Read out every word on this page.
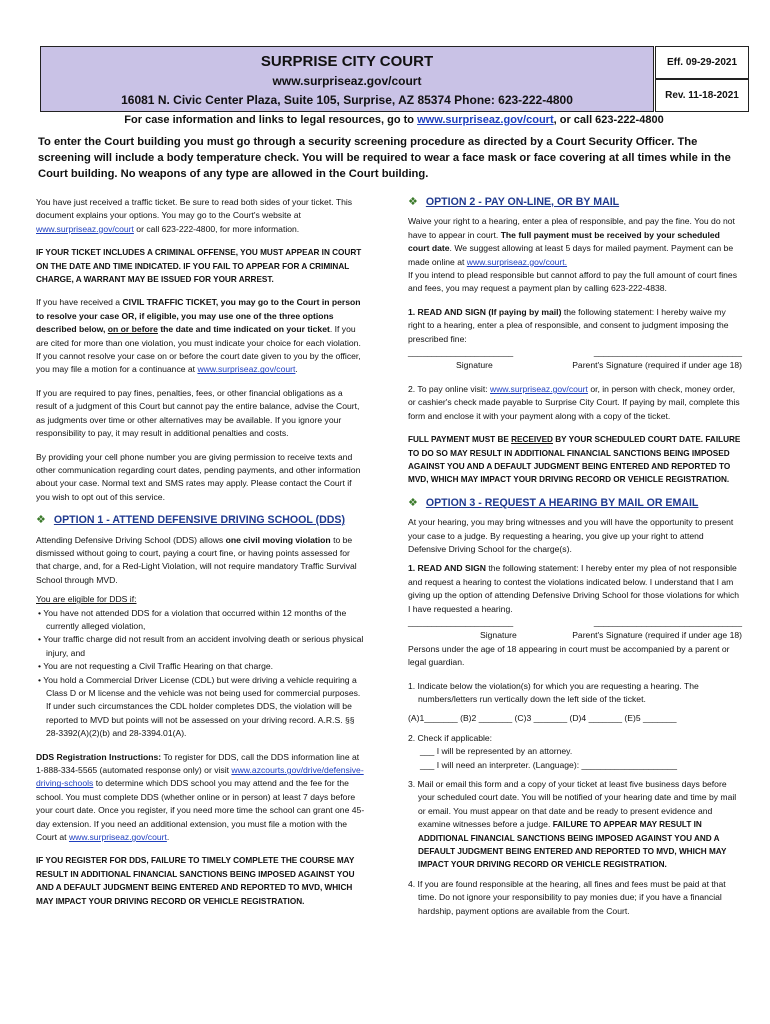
SURPRISE CITY COURT
www.surpriseaz.gov/court
16081 N. Civic Center Plaza, Suite 105, Surprise, AZ 85374 Phone: 623-222-4800
Eff. 09-29-2021
Rev. 11-18-2021
For case information and links to legal resources, go to www.surpriseaz.gov/court, or call 623-222-4800
To enter the Court building you must go through a security screening procedure as directed by a Court Security Officer. The screening will include a body temperature check. You will be required to wear a face mask or face covering at all times while in the Court building. No weapons of any type are allowed in the Court building.

You have just received a traffic ticket. Be sure to read both sides of your ticket. This document explains your options. You may go to the Court's website at www.surpriseaz.gov/court or call 623-222-4800, for more information.

IF YOUR TICKET INCLUDES A CRIMINAL OFFENSE, YOU MUST APPEAR IN COURT ON THE DATE AND TIME INDICATED. IF YOU FAIL TO APPEAR FOR A CRIMINAL CHARGE, A WARRANT MAY BE ISSUED FOR YOUR ARREST.

If you have received a CIVIL TRAFFIC TICKET, you may go to the Court in person to resolve your case OR, if eligible, you may use one of the three options described below, on or before the date and time indicated on your ticket. If you are cited for more than one violation, you must indicate your choice for each violation. If you cannot resolve your case on or before the court date given to you by the officer, you may file a motion for a continuance at www.surpriseaz.gov/court.

If you are required to pay fines, penalties, fees, or other financial obligations as a result of a judgment of this Court but cannot pay the entire balance, advise the Court, as judgments over time or other alternatives may be available. If you ignore your responsibility to pay, it may result in additional penalties and costs.

By providing your cell phone number you are giving permission to receive texts and other communication regarding court dates, pending payments, and other information about your case. Normal text and SMS rates may apply. Please contact the Court if you wish to opt out of this service.

❖ OPTION 1 - ATTEND DEFENSIVE DRIVING SCHOOL (DDS)

Attending Defensive Driving School (DDS) allows one civil moving violation to be dismissed without going to court, paying a court fine, or having points assessed for that charge, and, for a Red-Light Violation, will not require mandatory Traffic Survival School through MVD.

You are eligible for DDS if:

• You have not attended DDS for a violation that occurred within 12 months of the currently alleged violation,

• Your traffic charge did not result from an accident involving death or serious physical injury, and

• You are not requesting a Civil Traffic Hearing on that charge.

• You hold a Commercial Driver License (CDL) but were driving a vehicle requiring a Class D or M license and the vehicle was not being used for commercial purposes. If under such circumstances the CDL holder completes DDS, the violation will be reported to MVD but points will not be assessed on your driving record. A.R.S. §§ 28-3392(A)(2)(b) and 28-3394.01(A).

DDS Registration Instructions: To register for DDS, call the DDS information line at 1-888-334-5565 (automated response only) or visit www.azcourts.gov/drive/defensive-driving-schools to determine which DDS school you may attend and the fee for the school. You must complete DDS (whether online or in person) at least 7 days before your court date. Once you register, if you need more time the school can grant one 45-day extension. If you need an additional extension, you must file a motion with the Court at www.surpriseaz.gov/court.

IF YOU REGISTER FOR DDS, FAILURE TO TIMELY COMPLETE THE COURSE MAY RESULT IN ADDITIONAL FINANCIAL SANCTIONS BEING IMPOSED AGAINST YOU AND A DEFAULT JUDGMENT BEING ENTERED AND REPORTED TO MVD, WHICH MAY IMPACT YOUR DRIVING RECORD OR VEHICLE REGISTRATION.

❖ OPTION 2 - PAY ON-LINE, OR BY MAIL

Waive your right to a hearing, enter a plea of responsible, and pay the fine. You do not have to appear in court. The full payment must be received by your scheduled court date. We suggest allowing at least 5 days for mailed payment. Payment can be made online at www.surpriseaz.gov/court.

If you intend to plead responsible but cannot afford to pay the full amount of court fines and fees, you may request a payment plan by calling 623-222-4838.

1. READ AND SIGN (If paying by mail) the following statement: I hereby waive my right to a hearing, enter a plea of responsible, and consent to judgment imposing the prescribed fine:

______________________	_______________________________
Signature	Parent's Signature (required if under age 18)

2. To pay online visit: www.surpriseaz.gov/court or, in person with check, money order, or cashier's check made payable to Surprise City Court. If paying by mail, complete this form and enclose it with your payment along with a copy of the ticket.

FULL PAYMENT MUST BE RECEIVED BY YOUR SCHEDULED COURT DATE. FAILURE TO DO SO MAY RESULT IN ADDITIONAL FINANCIAL SANCTIONS BEING IMPOSED AGAINST YOU AND A DEFAULT JUDGMENT BEING ENTERED AND REPORTED TO MVD, WHICH MAY IMPACT YOUR DRIVING RECORD OR VEHICLE REGISTRATION.

❖ OPTION 3 - REQUEST A HEARING BY MAIL OR EMAIL

At your hearing, you may bring witnesses and you will have the opportunity to present your case to a judge. By requesting a hearing, you give up your right to attend Defensive Driving School for the charge(s).

1. READ AND SIGN the following statement: I hereby enter my plea of not responsible and request a hearing to contest the violations indicated below. I understand that I am giving up the option of attending Defensive Driving School for those violations for which I have requested a hearing.

______________________	_______________________________
Signature	Parent's Signature (required if under age 18)

Persons under the age of 18 appearing in court must be accompanied by a parent or legal guardian.

1. Indicate below the violation(s) for which you are requesting a hearing. The numbers/letters run vertically down the left side of the ticket.

(A)1_______ (B)2 _______ (C)3 _______ (D)4 _______ (E)5 _______

2. Check if applicable:

___ I will be represented by an attorney.

___ I will need an interpreter. (Language): ____________________

3. Mail or email this form and a copy of your ticket at least five business days before your scheduled court date. You will be notified of your hearing date and time by mail or email. You must appear on that date and be ready to present evidence and examine witnesses before a judge. FAILURE TO APPEAR MAY RESULT IN ADDITIONAL FINANCIAL SANCTIONS BEING IMPOSED AGAINST YOU AND A DEFAULT JUDGMENT BEING ENTERED AND REPORTED TO MVD, WHICH MAY IMPACT YOUR DRIVING RECORD OR VEHICLE REGISTRATION.

4. If you are found responsible at the hearing, all fines and fees must be paid at that time. Do not ignore your responsibility to pay monies due; if you have a financial hardship, payment options are available from the Court.
